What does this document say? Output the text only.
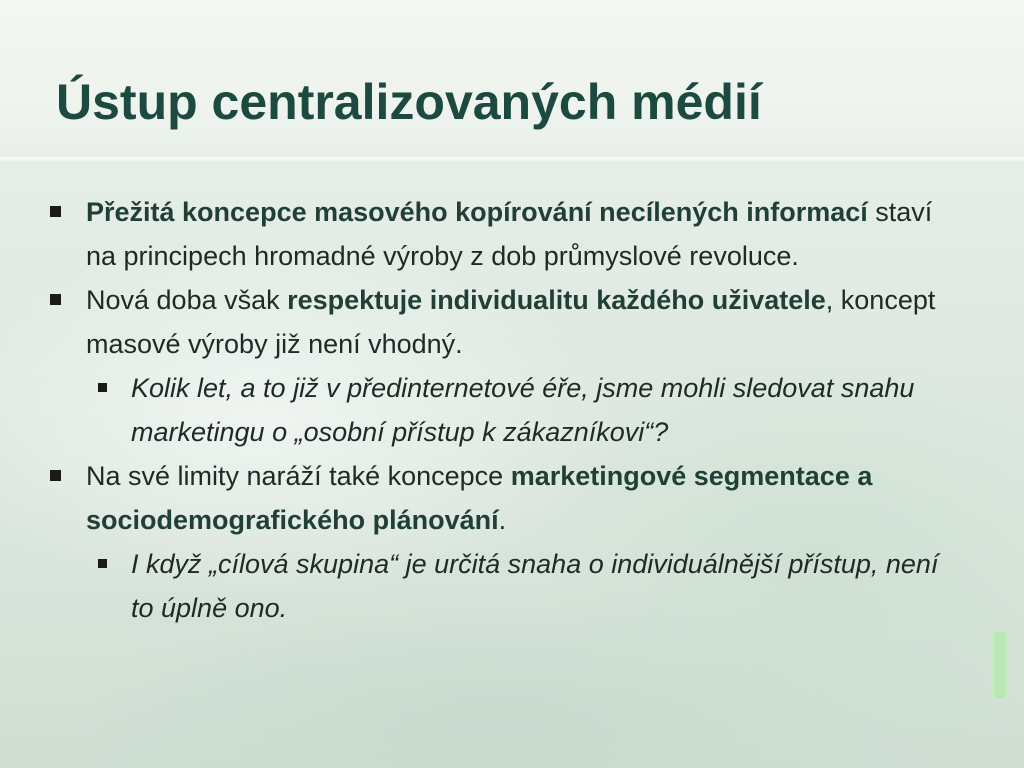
Ústup centralizovaných médií
Přežitá koncepce masového kopírování necílených informací staví na principech hromadné výroby z dob průmyslové revoluce.
Nová doba však respektuje individualitu každého uživatele, koncept masové výroby již není vhodný.
Kolik let, a to již v předinternetové éře, jsme mohli sledovat snahu marketingu o „osobní přístup k zákazníkovi“?
Na své limity naráží také koncepce marketingové segmentace a sociodemografického plánování.
I když „cílová skupina“ je určitá snaha o individuálnější přístup, není to úplně ono.
